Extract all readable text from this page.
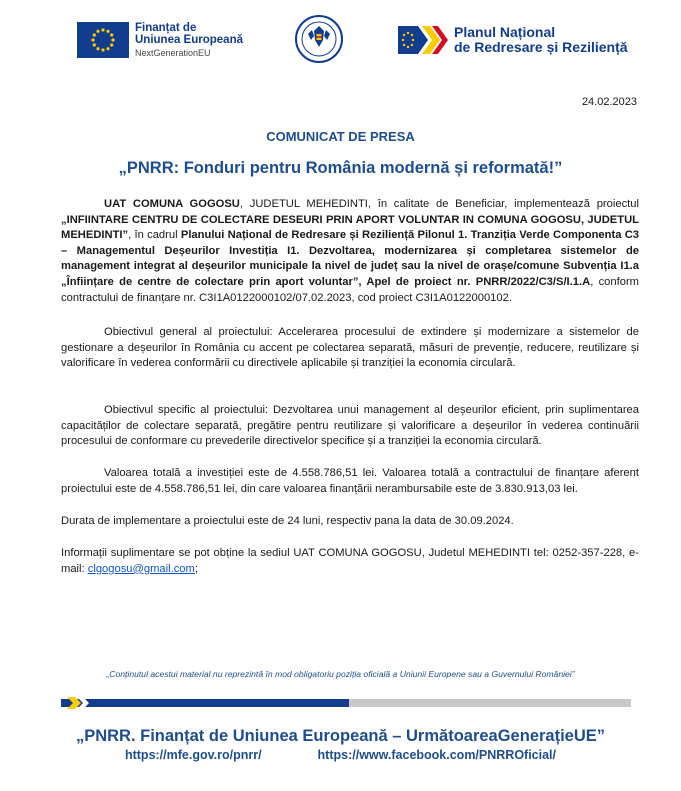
Finanțat de
Uniunea Europeană
NextGenerationEU
Planul Național
de Redresare și Reziliență
24.02.2023
COMUNICAT DE PRESA
„PNRR: Fonduri pentru România modernă și reformată!”

UAT COMUNA GOGOSU, JUDETUL MEHEDINTI, în calitate de Beneficiar, implementează proiectul „INFIINTARE CENTRU DE COLECTARE DESEURI PRIN APORT VOLUNTAR IN COMUNA GOGOSU, JUDETUL MEHEDINTI”, în cadrul Planului Național de Redresare și Reziliență Pilonul 1. Tranziția Verde Componenta C3 – Managementul Deșeurilor Investiția I1. Dezvoltarea, modernizarea și completarea sistemelor de management integrat al deșeurilor municipale la nivel de județ sau la nivel de orașe/comune Subvenția I1.a „Înființare de centre de colectare prin aport voluntar”, Apel de proiect nr. PNRR/2022/C3/S/I.1.A, conform contractului de finanțare nr. C3I1A0122000102/07.02.2023, cod proiect C3I1A0122000102.

Obiectivul general al proiectului: Accelerarea procesului de extindere și modernizare a sistemelor de gestionare a deșeurilor în România cu accent pe colectarea separată, măsuri de prevenție, reducere, reutilizare și valorificare în vederea conformării cu directivele aplicabile și tranziției la economia circulară.

Obiectivul specific al proiectului: Dezvoltarea unui management al deșeurilor eficient, prin suplimentarea capacităților de colectare separată, pregătire pentru reutilizare și valorificare a deșeurilor în vederea continuării procesului de conformare cu prevederile directivelor specifice și a tranziției la economia circulară.

Valoarea totală a investiției este de 4.558.786,51 lei. Valoarea totală a contractului de finanțare aferent proiectului este de 4.558.786,51 lei, din care valoarea finanțării nerambursabile este de 3.830.913,03 lei.

Durata de implementare a proiectului este de 24 luni, respectiv pana la data de 30.09.2024.

Informații suplimentare se pot obține la sediul UAT COMUNA GOGOSU, Judetul MEHEDINTI tel: 0252-357-228, e-mail: clgogosu@gmail.com;

„Conținutul acestui material nu reprezintă în mod obligatoriu poziția oficială a Uniunii Europene sau a Guvernului României”
„PNRR. Finanțat de Uniunea Europeană – UrmătoareaGenerațieUE”
https://mfe.gov.ro/pnrr/	https://www.facebook.com/PNRROficial/
